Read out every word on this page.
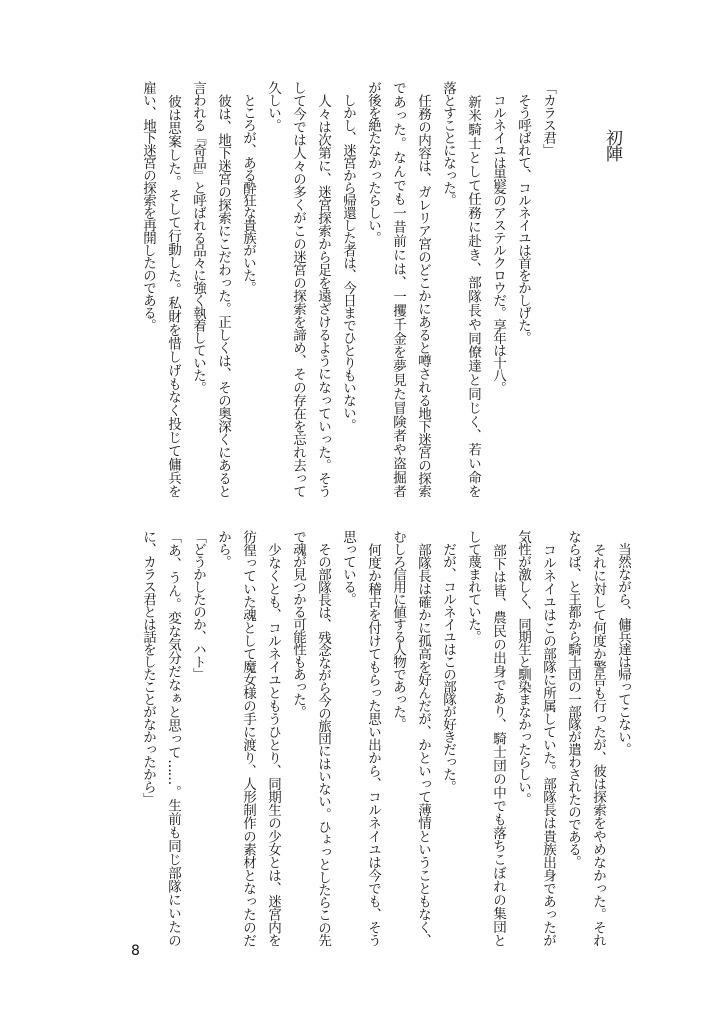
初陣
「カラス君」
　そう呼ばれて、コルネイユは首をかしげた。
　コルネイユは黒髪のアステルクロウだ。享年は十八。
　新米騎士として任務に赴き、部隊長や同僚達と同じく、若い命を
落とすことになった。
　任務の内容は、ガレリア宮のどこかにあると噂される地下迷宮の探索
であった。なんでも一昔前には、一攫千金を夢見た冒険者や盗掘者
が後を絶たなかったらしい。
　しかし、迷宮から帰還した者は、今日までひとりもいない。
　人々は次第に、迷宮探索から足を遠ざけるようになっていった。そう
して今では人々の多くがこの迷宮の探索を諦め、その存在を忘れ去って
久しい。
　ところが、ある酔狂な貴族がいた。
　彼は、地下迷宮の探索にこだわった。正しくは、その奥深くにあると
言われる『奇品』と呼ばれる品々に強く執着していた。
　彼は思案した。そして行動した。私財を惜しげもなく投じて傭兵を
雇い、地下迷宮の探索を再開したのである。
　当然ながら、傭兵達は帰ってこない。
　それに対して何度か警告も行ったが、彼は探索をやめなかった。それ
ならば、と王都から騎士団の一部隊が遣わされたのである。
　コルネイユはこの部隊に所属していた。部隊長は貴族出身であったが
気性が激しく、同期生と馴染まなかったらしい。
　部下は皆、農民の出身であり、騎士団の中でも落ちこぼれの集団と
して蔑まれていた。
　だが、コルネイユはこの部隊が好きだった。
　部隊長は確かに孤高を好んだが、かといって薄情ということもなく、
むしろ信用に値する人物であった。
　何度か稽古を付けてもらった思い出から、コルネイユは今でも、そう
思っている。
　その部隊長は、残念ながら今の旅団にはいない。ひょっとしたらこの先
で魂が見つかる可能性もあった。
　少なくとも、コルネイユともうひとり、同期生の少女とは、迷宮内を
彷徨っていた魂として魔女様の手に渡り、人形制作の素材となったのだ
から。
「どうかしたのか、ハト」
「あ、うん。変な気分だなぁと思って……。生前も同じ部隊にいたの
に、カラス君とは話をしたことがなかったから」
8
